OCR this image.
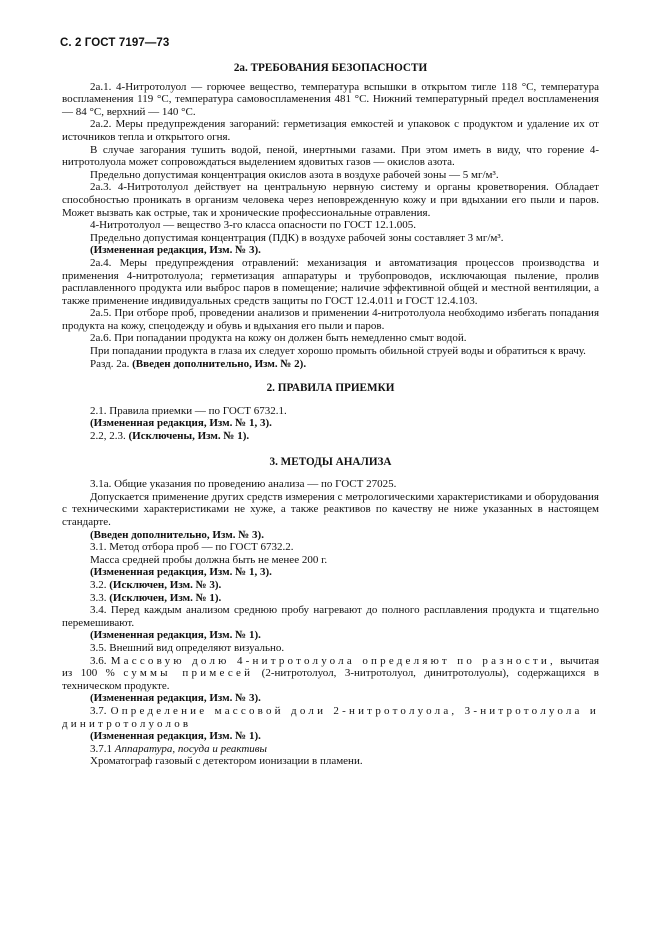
С. 2 ГОСТ 7197—73

2а. ТРЕБОВАНИЯ БЕЗОПАСНОСТИ

2а.1. 4-Нитротолуол — горючее вещество, температура вспышки в открытом тигле 118 °С, температура воспламенения 119 °С, температура самовоспламенения 481 °С. Нижний температурный предел воспламенения — 84 °С, верхний — 140 °С.

2а.2. Меры предупреждения загораний: герметизация емкостей и упаковок с продуктом и удаление их от источников тепла и открытого огня.

В случае загорания тушить водой, пеной, инертными газами. При этом иметь в виду, что горение 4-нитротолуола может сопровождаться выделением ядовитых газов — окислов азота.

Предельно допустимая концентрация окислов азота в воздухе рабочей зоны — 5 мг/м³.

2а.3. 4-Нитротолуол действует на центральную нервную систему и органы кроветворения. Обладает способностью проникать в организм человека через неповрежденную кожу и при вдыхании его пыли и паров. Может вызвать как острые, так и хронические профессиональные отравления.

4-Нитротолуол — вещество 3-го класса опасности по ГОСТ 12.1.005.

Предельно допустимая концентрация (ПДК) в воздухе рабочей зоны составляет 3 мг/м³.

(Измененная редакция, Изм. № 3).

2а.4. Меры предупреждения отравлений: механизация и автоматизация процессов производства и применения 4-нитротолуола; герметизация аппаратуры и трубопроводов, исключающая пыление, пролив расплавленного продукта или выброс паров в помещение; наличие эффективной общей и местной вентиляции, а также применение индивидуальных средств защиты по ГОСТ 12.4.011 и ГОСТ 12.4.103.

2а.5. При отборе проб, проведении анализов и применении 4-нитротолуола необходимо избегать попадания продукта на кожу, спецодежду и обувь и вдыхания его пыли и паров.

2а.6. При попадании продукта на кожу он должен быть немедленно смыт водой.

При попадании продукта в глаза их следует хорошо промыть обильной струей воды и обратиться к врачу.

Разд. 2а. (Введен дополнительно, Изм. № 2).

2. ПРАВИЛА ПРИЕМКИ

2.1. Правила приемки — по ГОСТ 6732.1.

(Измененная редакция, Изм. № 1, 3).

2.2, 2.3. (Исключены, Изм. № 1).

3. МЕТОДЫ АНАЛИЗА

3.1а. Общие указания по проведению анализа — по ГОСТ 27025.

Допускается применение других средств измерения с метрологическими характеристиками и оборудования с техническими характеристиками не хуже, а также реактивов по качеству не ниже указанных в настоящем стандарте.

(Введен дополнительно, Изм. № 3).

3.1. Метод отбора проб — по ГОСТ 6732.2.

Масса средней пробы должна быть не менее 200 г.

(Измененная редакция, Изм. № 1, 3).

3.2. (Исключен, Изм. № 3).

3.3. (Исключен, Изм. № 1).

3.4. Перед каждым анализом среднюю пробу нагревают до полного расплавления продукта и тщательно перемешивают.

(Измененная редакция, Изм. № 1).

3.5. Внешний вид определяют визуально.

3.6. Массовую долю 4-нитротолуола определяют по разности, вычитая из 100 % суммы примесей (2-нитротолуол, 3-нитротолуол, динитротолуолы), содержащихся в техническом продукте.

(Измененная редакция, Изм. № 3).

3.7. Определение массовой доли 2-нитротолуола, 3-нитротолуола и динитротолуолов

(Измененная редакция, Изм. № 1).

3.7.1 Аппаратура, посуда и реактивы

Хроматограф газовый с детектором ионизации в пламени.
